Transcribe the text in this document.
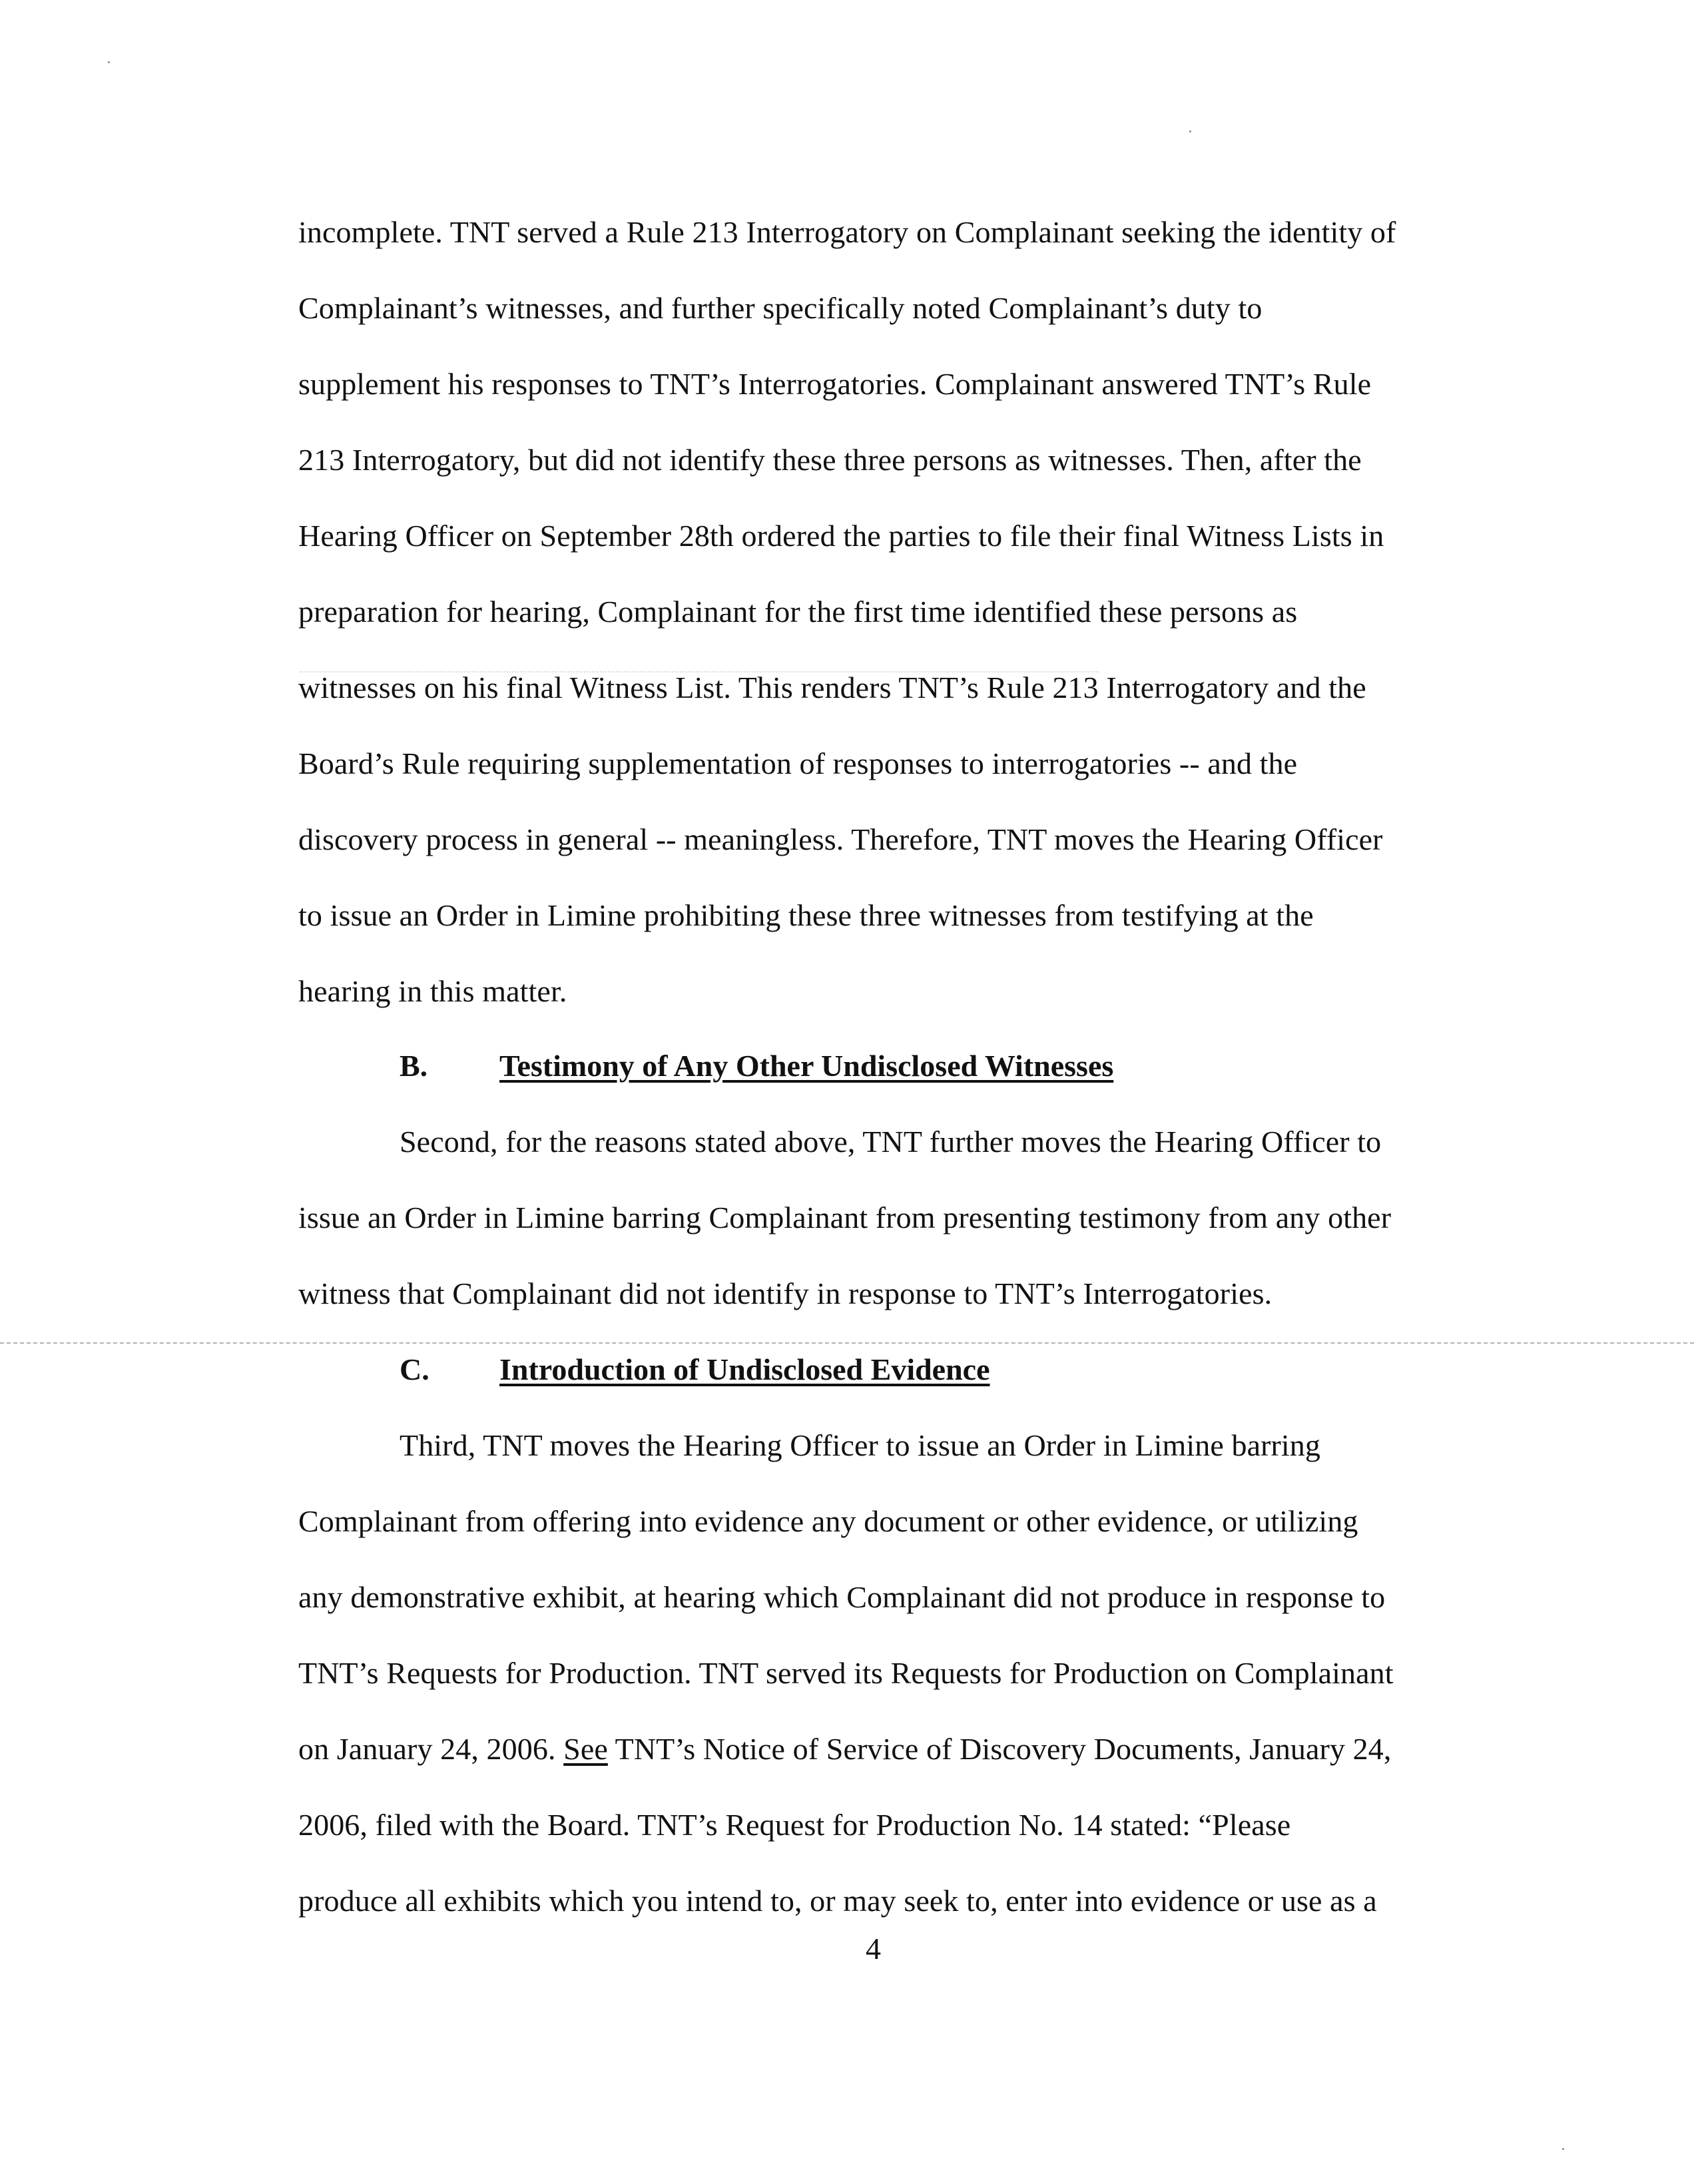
incomplete. TNT served a Rule 213 Interrogatory on Complainant seeking the identity of
Complainant’s witnesses, and further specifically noted Complainant’s duty to
supplement his responses to TNT’s Interrogatories. Complainant answered TNT’s Rule
213 Interrogatory, but did not identify these three persons as witnesses. Then, after the
Hearing Officer on September 28th ordered the parties to file their final Witness Lists in
preparation for hearing, Complainant for the first time identified these persons as
witnesses on his final Witness List. This renders TNT’s Rule 213 Interrogatory and the
Board’s Rule requiring supplementation of responses to interrogatories -- and the
discovery process in general -- meaningless. Therefore, TNT moves the Hearing Officer
to issue an Order in Limine prohibiting these three witnesses from testifying at the
hearing in this matter.
B. Testimony of Any Other Undisclosed Witnesses
Second, for the reasons stated above, TNT further moves the Hearing Officer to
issue an Order in Limine barring Complainant from presenting testimony from any other
witness that Complainant did not identify in response to TNT’s Interrogatories.
C. Introduction of Undisclosed Evidence
Third, TNT moves the Hearing Officer to issue an Order in Limine barring
Complainant from offering into evidence any document or other evidence, or utilizing
any demonstrative exhibit, at hearing which Complainant did not produce in response to
TNT’s Requests for Production. TNT served its Requests for Production on Complainant
on January 24, 2006. See TNT’s Notice of Service of Discovery Documents, January 24,
2006, filed with the Board. TNT’s Request for Production No. 14 stated: “Please
produce all exhibits which you intend to, or may seek to, enter into evidence or use as a
4
